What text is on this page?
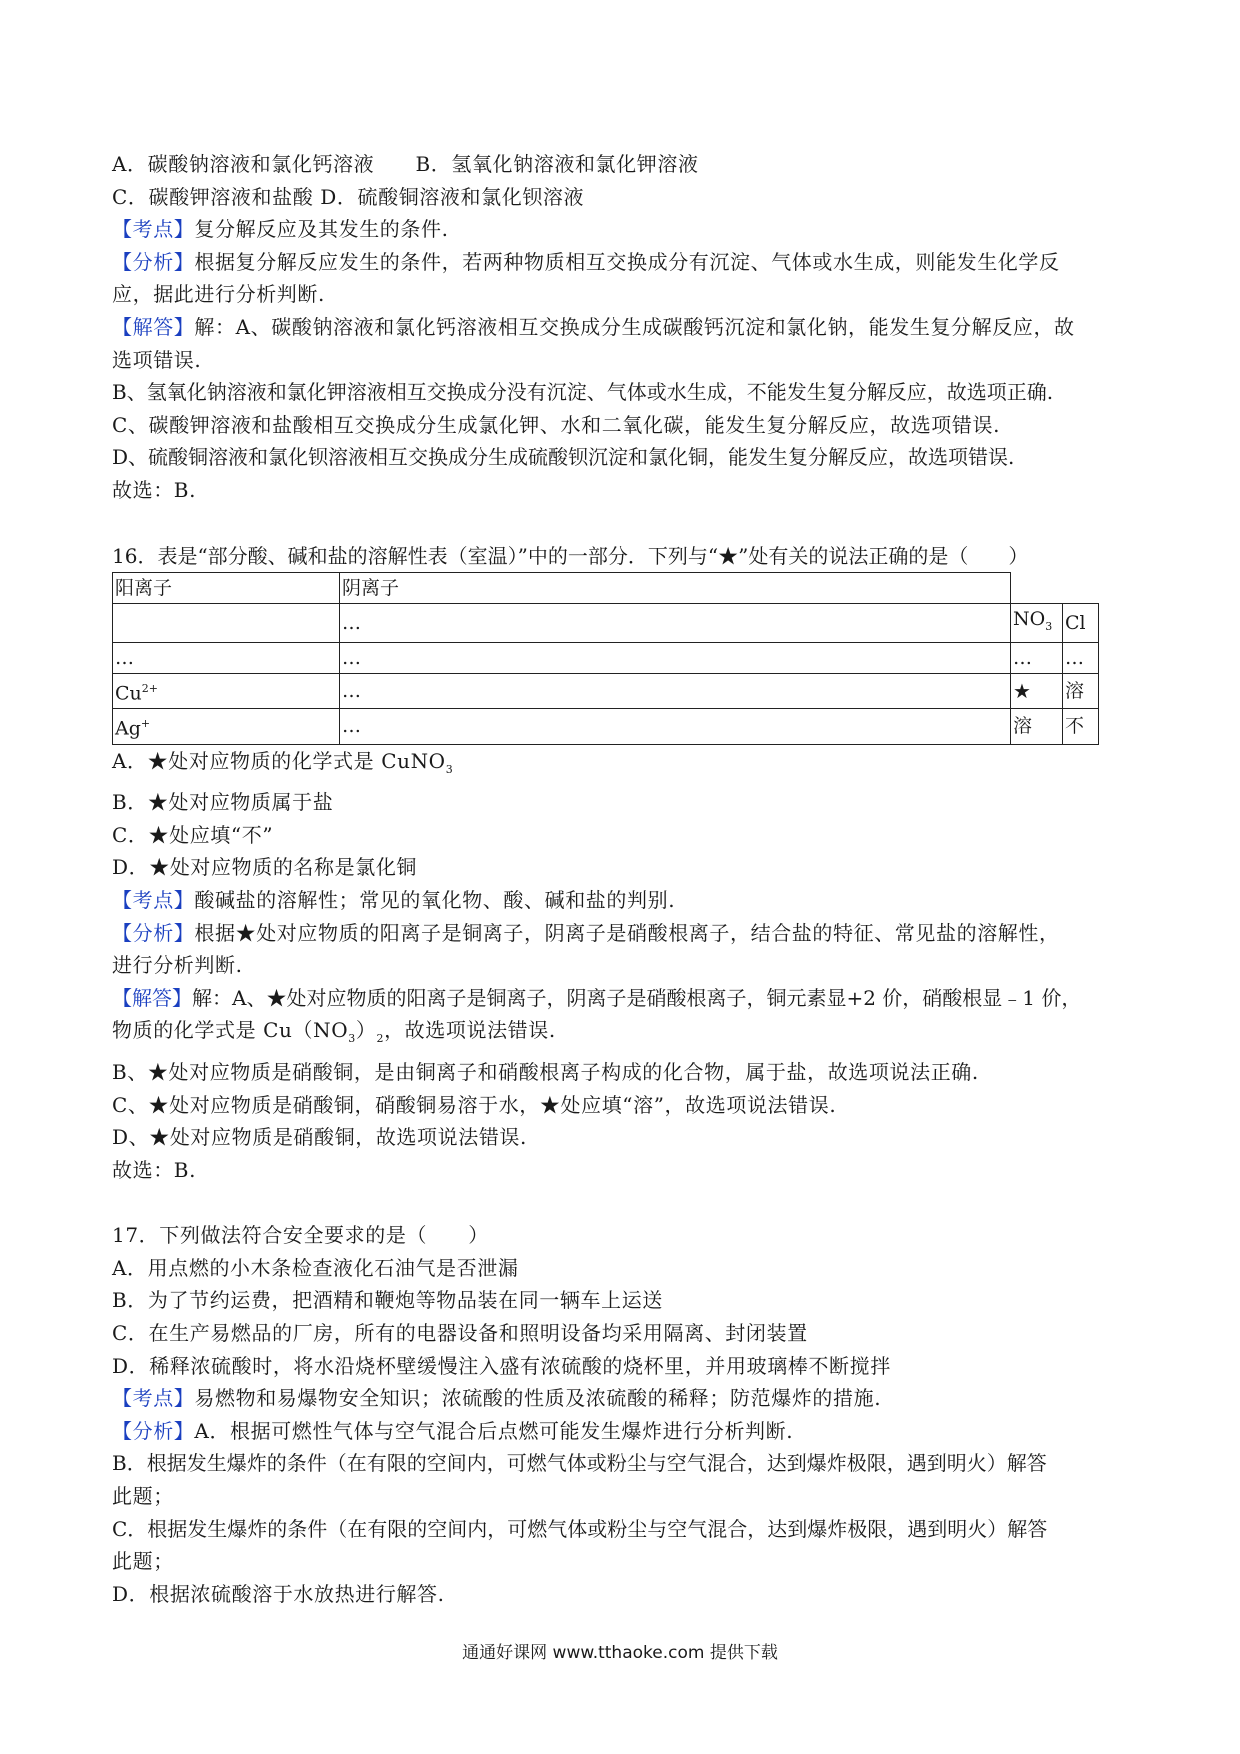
A．碳酸钠溶液和氯化钙溶液　　B．氢氧化钠溶液和氯化钾溶液
C．碳酸钾溶液和盐酸 D．硫酸铜溶液和氯化钡溶液
【考点】复分解反应及其发生的条件.
【分析】根据复分解反应发生的条件，若两种物质相互交换成分有沉淀、气体或水生成，则能发生化学反
应，据此进行分析判断.
【解答】解：A、碳酸钠溶液和氯化钙溶液相互交换成分生成碳酸钙沉淀和氯化钠，能发生复分解反应，故
选项错误.
B、氢氧化钠溶液和氯化钾溶液相互交换成分没有沉淀、气体或水生成，不能发生复分解反应，故选项正确.
C、碳酸钾溶液和盐酸相互交换成分生成氯化钾、水和二氧化碳，能发生复分解反应，故选项错误.
D、硫酸铜溶液和氯化钡溶液相互交换成分生成硫酸钡沉淀和氯化铜，能发生复分解反应，故选项错误.
故选：B.
16．表是“部分酸、碱和盐的溶解性表（室温）”中的一部分．下列与“★”处有关的说法正确的是（　　）
阳离子	阴离子		
	…	$NO_3$	Cl
…	…	…	…
$Cu^{2+}$	…	★	溶
Ag+	…	溶	不
A．★处对应物质的化学式是 CuNO$_3$
B．★处对应物质属于盐
C．★处应填“不”
D．★处对应物质的名称是氯化铜
【考点】酸碱盐的溶解性；常见的氧化物、酸、碱和盐的判别.
【分析】根据★处对应物质的阳离子是铜离子，阴离子是硝酸根离子，结合盐的特征、常见盐的溶解性，
进行分析判断.
【解答】解：A、★处对应物质的阳离子是铜离子，阴离子是硝酸根离子，铜元素显+2 价，硝酸根显﹣1 价，
物质的化学式是 $Cu(NO_3)_2$，故选项说法错误.
B、★处对应物质是硝酸铜，是由铜离子和硝酸根离子构成的化合物，属于盐，故选项说法正确.
C、★处对应物质是硝酸铜，硝酸铜易溶于水，★处应填“溶”，故选项说法错误.
D、★处对应物质是硝酸铜，故选项说法错误.
故选：B.
17．下列做法符合安全要求的是（　　）
A．用点燃的小木条检查液化石油气是否泄漏
B．为了节约运费，把酒精和鞭炮等物品装在同一辆车上运送
C．在生产易燃品的厂房，所有的电器设备和照明设备均采用隔离、封闭装置
D．稀释浓硫酸时，将水沿烧杯壁缓慢注入盛有浓硫酸的烧杯里，并用玻璃棒不断搅拌
【考点】易燃物和易爆物安全知识；浓硫酸的性质及浓硫酸的稀释；防范爆炸的措施.
【分析】A．根据可燃性气体与空气混合后点燃可能发生爆炸进行分析判断.
B．根据发生爆炸的条件（在有限的空间内，可燃气体或粉尘与空气混合，达到爆炸极限，遇到明火）解答
此题；
C．根据发生爆炸的条件（在有限的空间内，可燃气体或粉尘与空气混合，达到爆炸极限，遇到明火）解答
此题；
D．根据浓硫酸溶于水放热进行解答.
通通好课网 www.tthaoke.com 提供下载
